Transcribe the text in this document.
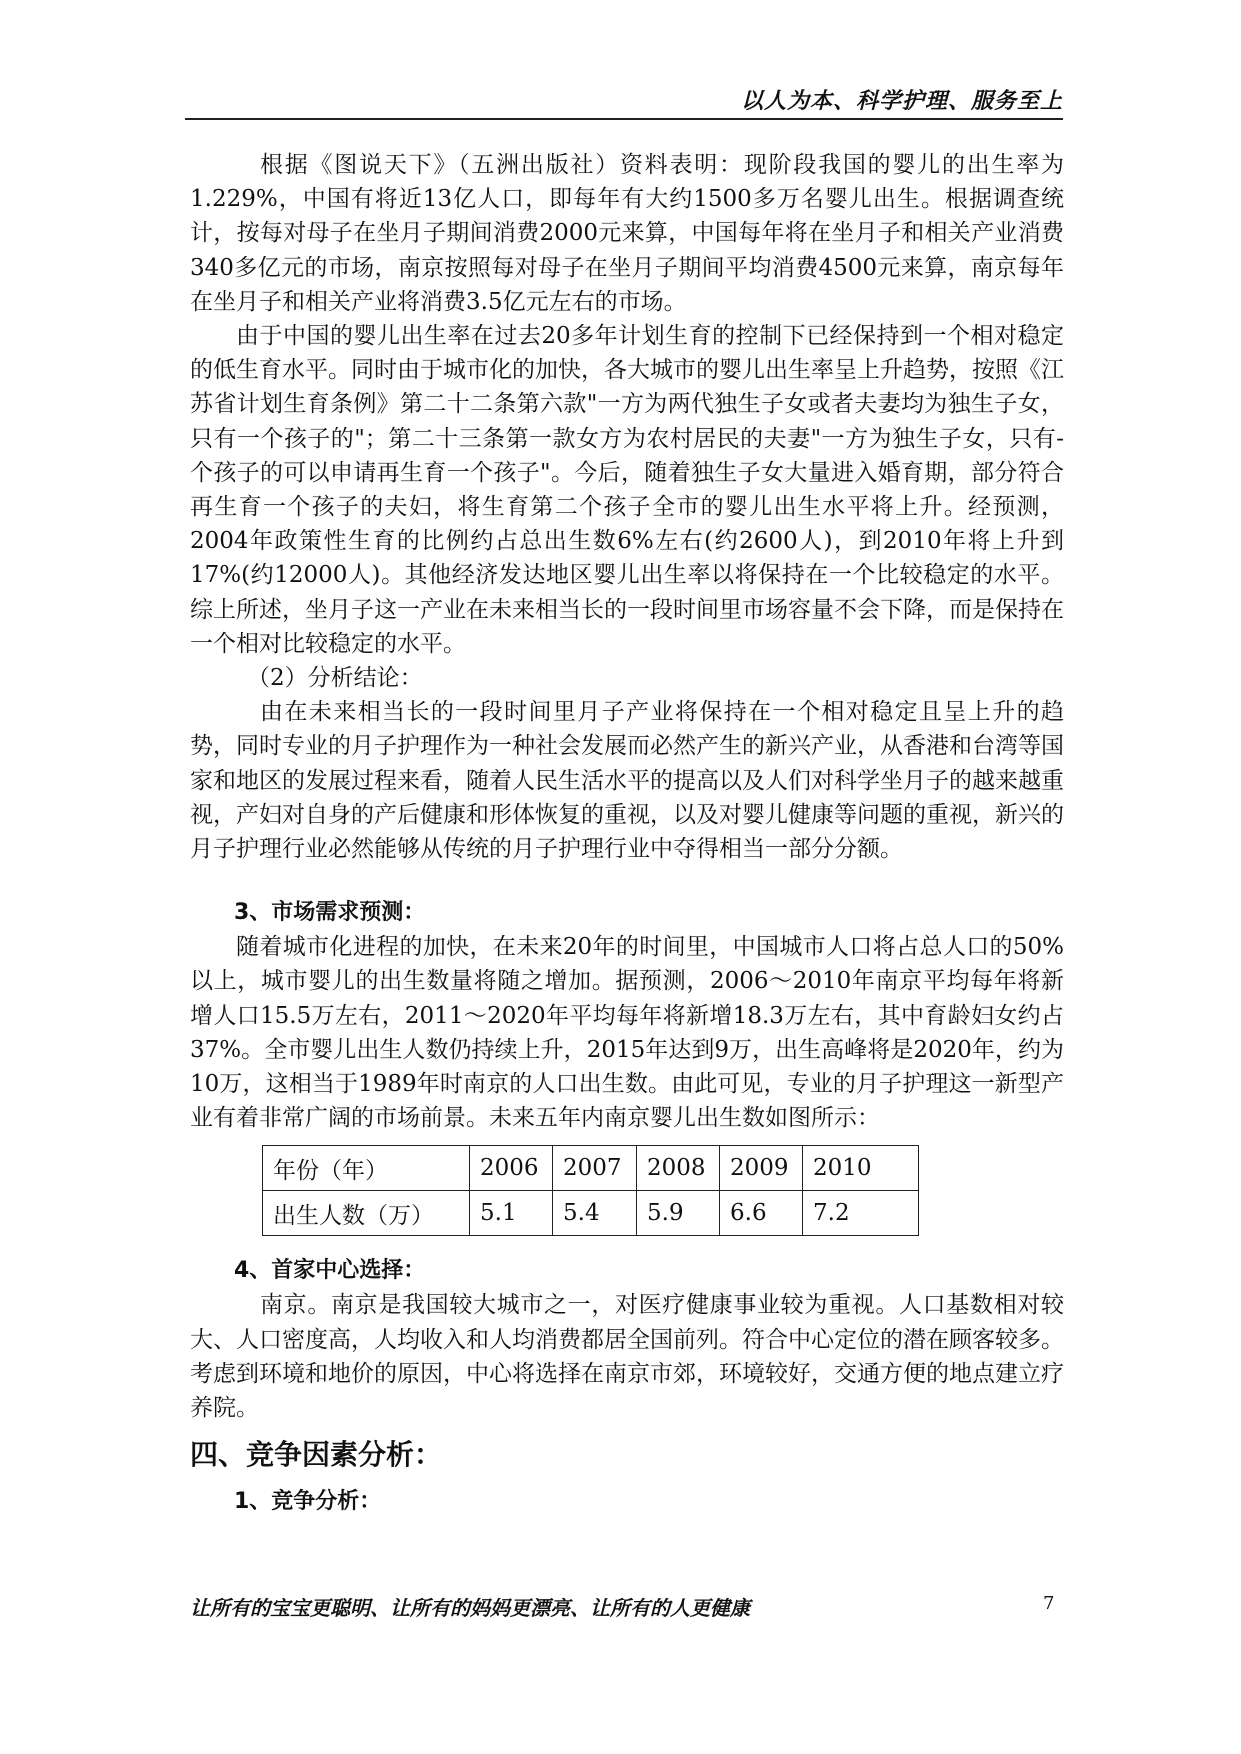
以人为本、科学护理、服务至上

根据《图说天下》（五洲出版社）资料表明：现阶段我国的婴儿的出生率为1.229%，中国有将近13亿人口，即每年有大约1500多万名婴儿出生。根据调查统计，按每对母子在坐月子期间消费2000元来算，中国每年将在坐月子和相关产业消费340多亿元的市场，南京按照每对母子在坐月子期间平均消费4500元来算，南京每年在坐月子和相关产业将消费3.5亿元左右的市场。

由于中国的婴儿出生率在过去20多年计划生育的控制下已经保持到一个相对稳定的低生育水平。同时由于城市化的加快，各大城市的婴儿出生率呈上升趋势，按照《江苏省计划生育条例》第二十二条第六款"一方为两代独生子女或者夫妻均为独生子女，只有一个孩子的"；第二十三条第一款女方为农村居民的夫妻"一方为独生子女，只有-个孩子的可以申请再生育一个孩子"。今后，随着独生子女大量进入婚育期，部分符合再生育一个孩子的夫妇，将生育第二个孩子全市的婴儿出生水平将上升。经预测，2004年政策性生育的比例约占总出生数6%左右(约2600人)，到2010年将上升到17%(约12000人)。其他经济发达地区婴儿出生率以将保持在一个比较稳定的水平。综上所述，坐月子这一产业在未来相当长的一段时间里市场容量不会下降，而是保持在一个相对比较稳定的水平。

（2）分析结论：

由在未来相当长的一段时间里月子产业将保持在一个相对稳定且呈上升的趋势，同时专业的月子护理作为一种社会发展而必然产生的新兴产业，从香港和台湾等国家和地区的发展过程来看，随着人民生活水平的提高以及人们对科学坐月子的越来越重视，产妇对自身的产后健康和形体恢复的重视，以及对婴儿健康等问题的重视，新兴的月子护理行业必然能够从传统的月子护理行业中夺得相当一部分分额。

3、市场需求预测：

随着城市化进程的加快，在未来20年的时间里，中国城市人口将占总人口的50%以上，城市婴儿的出生数量将随之增加。据预测，2006～2010年南京平均每年将新增人口15.5万左右，2011～2020年平均每年将新增18.3万左右，其中育龄妇女约占37%。全市婴儿出生人数仍持续上升，2015年达到9万，出生高峰将是2020年，约为10万，这相当于1989年时南京的人口出生数。由此可见，专业的月子护理这一新型产业有着非常广阔的市场前景。未来五年内南京婴儿出生数如图所示：

年份（年）	2006	2007	2008	2009	2010
出生人数（万）	5.1	5.4	5.9	6.6	7.2

4、首家中心选择：

南京。南京是我国较大城市之一，对医疗健康事业较为重视。人口基数相对较大、人口密度高，人均收入和人均消费都居全国前列。符合中心定位的潜在顾客较多。考虑到环境和地价的原因，中心将选择在南京市郊，环境较好，交通方便的地点建立疗养院。

四、竞争因素分析：

1、竞争分析：

让所有的宝宝更聪明、让所有的妈妈更漂亮、让所有的人更健康	7
